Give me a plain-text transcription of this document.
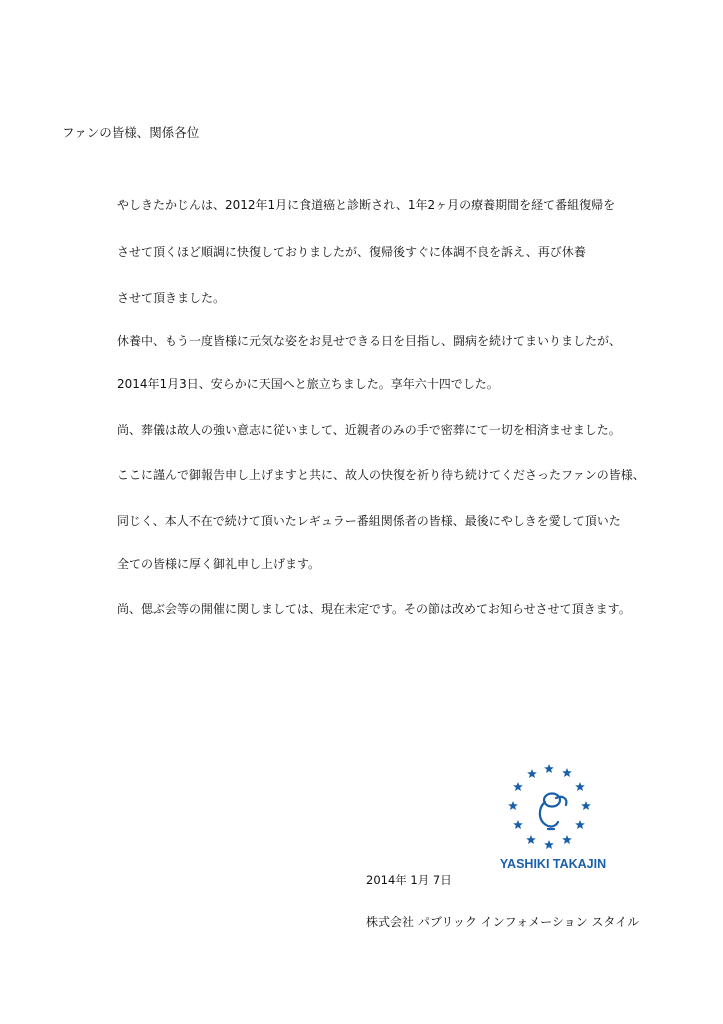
ファンの皆様、関係各位
やしきたかじんは、2012年1月に食道癌と診断され、1年2ヶ月の療養期間を経て番組復帰を
させて頂くほど順調に快復しておりましたが、復帰後すぐに体調不良を訴え、再び休養
させて頂きました。
休養中、もう一度皆様に元気な姿をお見せできる日を目指し、闘病を続けてまいりましたが、
2014年1月3日、安らかに天国へと旅立ちました。享年六十四でした。
尚、葬儀は故人の強い意志に従いまして、近親者のみの手で密葬にて一切を相済ませました。
ここに謹んで御報告申し上げますと共に、故人の快復を祈り待ち続けてくださったファンの皆様、
同じく、本人不在で続けて頂いたレギュラー番組関係者の皆様、最後にやしきを愛して頂いた
全ての皆様に厚く御礼申し上げます。
尚、偲ぶ会等の開催に関しましては、現在未定です。その節は改めてお知らせさせて頂きます。
YASHIKI TAKAJIN
2014年 1月 7日
株式会社 パブリック インフォメーション スタイル
